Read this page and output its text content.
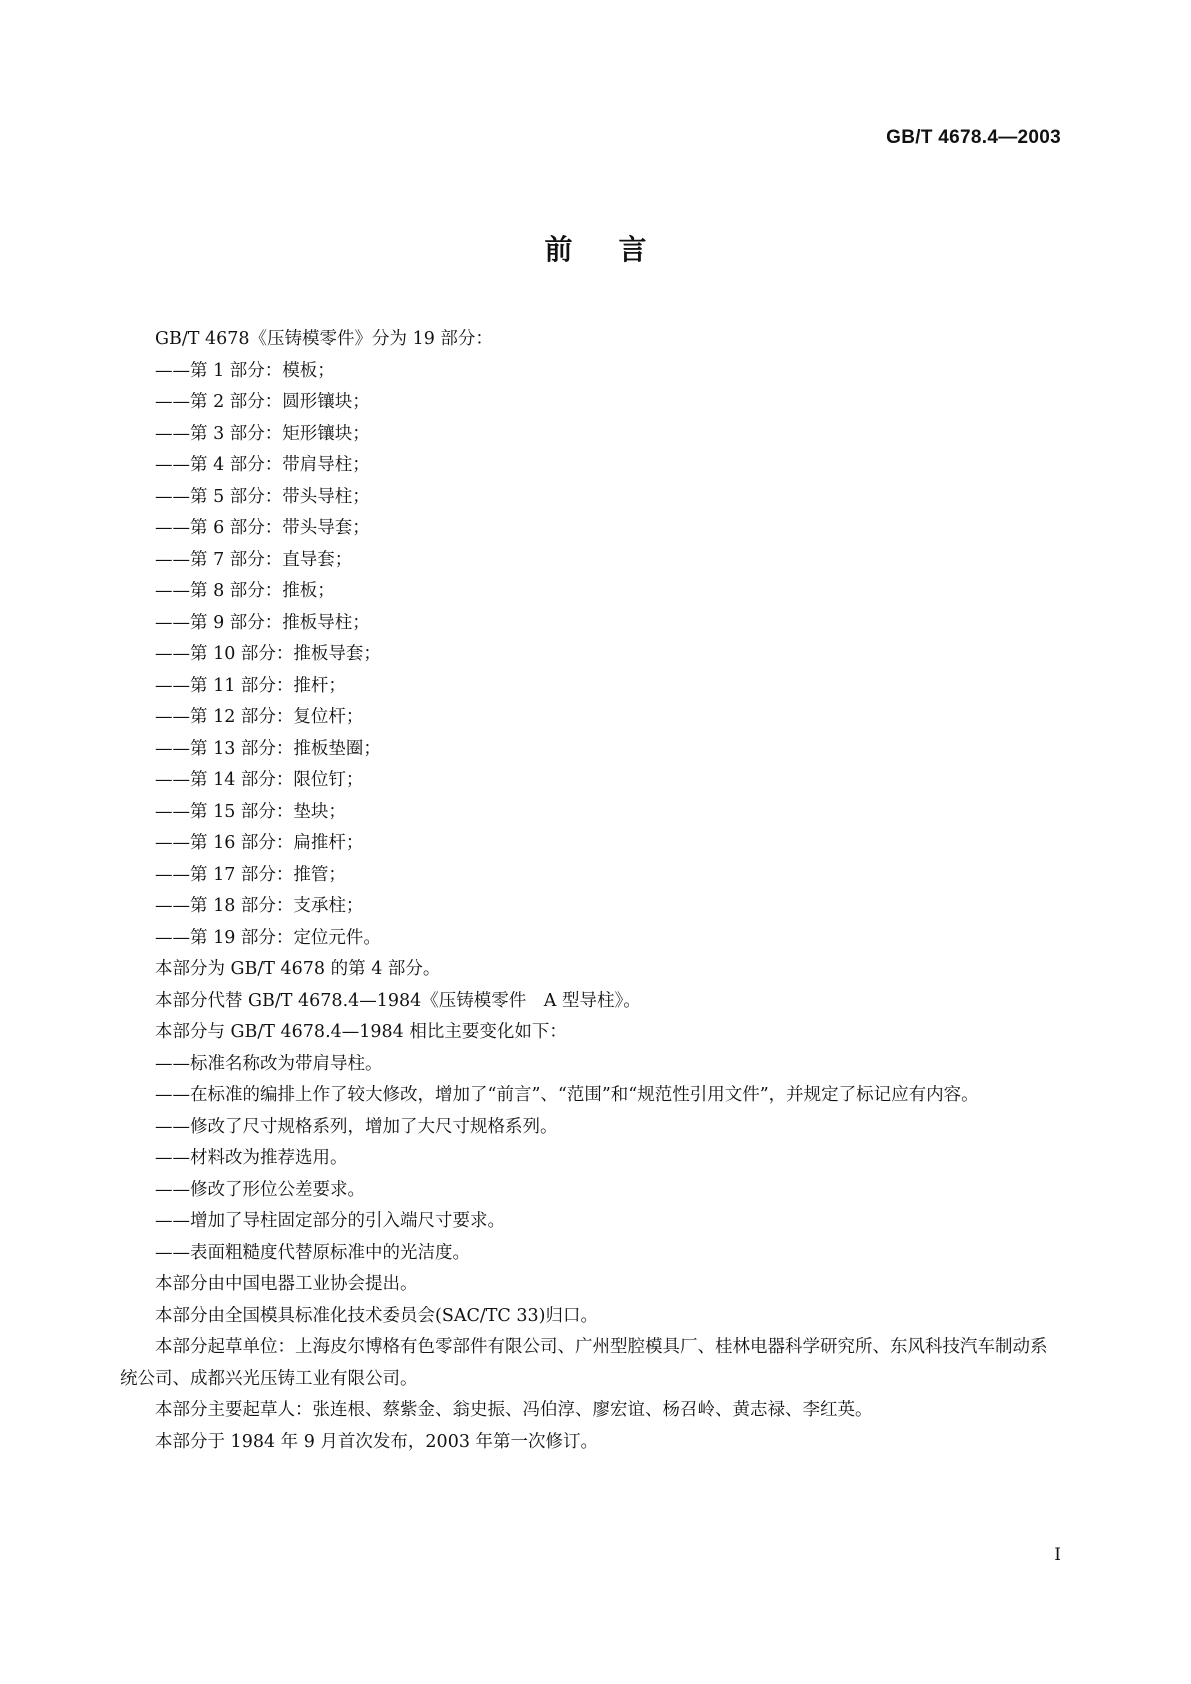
GB/T 4678.4—2003
前言

GB/T 4678《压铸模零件》分为 19 部分：

——第 1 部分：模板；

——第 2 部分：圆形镶块；

——第 3 部分：矩形镶块；

——第 4 部分：带肩导柱；

——第 5 部分：带头导柱；

——第 6 部分：带头导套；

——第 7 部分：直导套；

——第 8 部分：推板；

——第 9 部分：推板导柱；

——第 10 部分：推板导套；

——第 11 部分：推杆；

——第 12 部分：复位杆；

——第 13 部分：推板垫圈；

——第 14 部分：限位钉；

——第 15 部分：垫块；

——第 16 部分：扁推杆；

——第 17 部分：推管；

——第 18 部分：支承柱；

——第 19 部分：定位元件。

本部分为 GB/T 4678 的第 4 部分。

本部分代替 GB/T 4678.4—1984《压铸模零件　A 型导柱》。

本部分与 GB/T 4678.4—1984 相比主要变化如下：

——标准名称改为带肩导柱。

——在标准的编排上作了较大修改，增加了“前言”、“范围”和“规范性引用文件”，并规定了标记应有内容。

——修改了尺寸规格系列，增加了大尺寸规格系列。

——材料改为推荐选用。

——修改了形位公差要求。

——增加了导柱固定部分的引入端尺寸要求。

——表面粗糙度代替原标准中的光洁度。

本部分由中国电器工业协会提出。

本部分由全国模具标准化技术委员会(SAC/TC 33)归口。

本部分起草单位：上海皮尔博格有色零部件有限公司、广州型腔模具厂、桂林电器科学研究所、东风科技汽车制动系统公司、成都兴光压铸工业有限公司。

本部分主要起草人：张连根、蔡紫金、翁史振、冯伯淳、廖宏谊、杨召岭、黄志禄、李红英。

本部分于 1984 年 9 月首次发布，2003 年第一次修订。

I
